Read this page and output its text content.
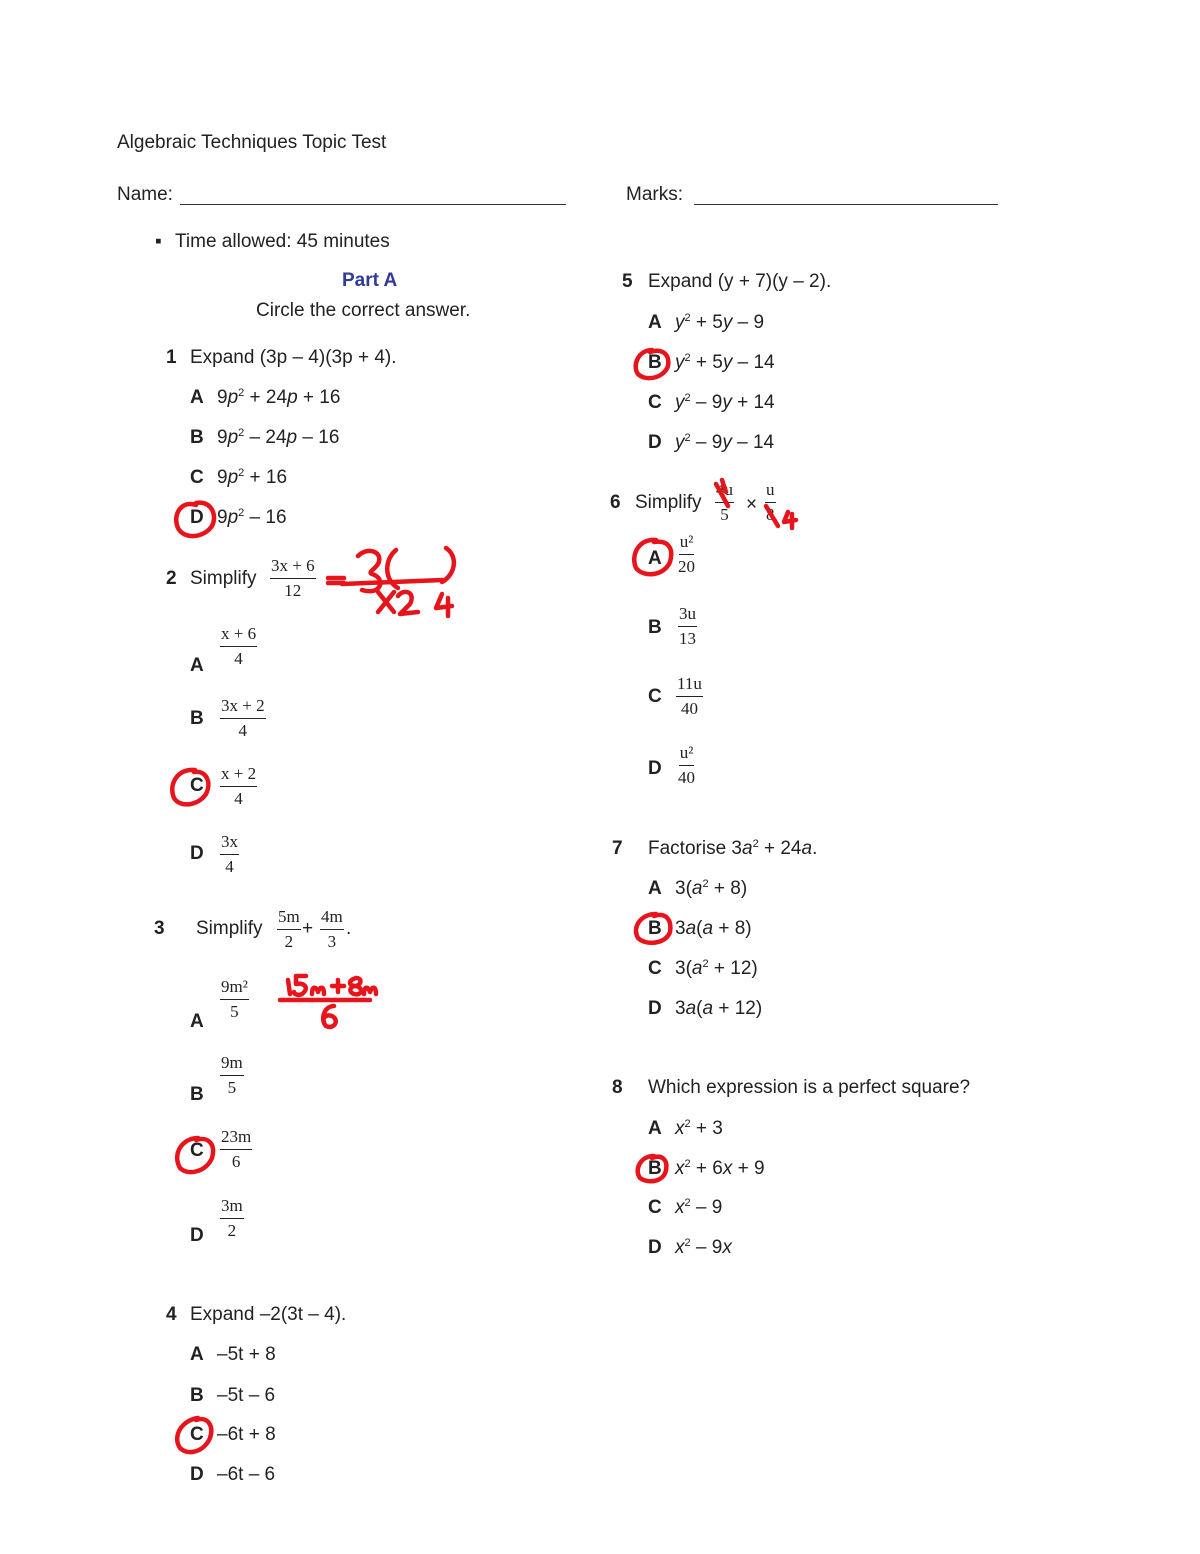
Algebraic Techniques Topic Test
Name:	Marks:
▪ Time allowed: 45 minutes
Part A
Circle the correct answer.
1 Expand (3p – 4)(3p + 4).
A $9p^2 + 24p + 16$
B $9p^2 - 24p - 16$
C $9p^2 + 16$
D $9p^2 - 16$
2 Simplify $\frac{3x + 6}{12}$
A $\frac{x + 6}{4}$
B $\frac{3x + 2}{4}$
C $\frac{x + 2}{4}$
D $\frac{3x}{4}$
3 Simplify $\frac{5m}{2} + \frac{4m}{3}$ .
A $\frac{\text{9m²}}{5}$
B $\frac{9m}{5}$
C $\frac{23m}{6}$
D $\frac{3m}{2}$
4 Expand –2(3t – 4).
A –5t + 8
B –5t – 6
C –6t + 8
D –6t – 6
5 Expand (y + 7)(y – 2).
A $y^2 + 5y - 9$
B $y^2 + 5y - 14$
C $y^2 - 9y + 14$
D $y^2 - 9y - 14$
6 Simplify $\frac{4u}{5} \times \frac{u}{8}$
A $\frac{\text{u²}}{20}$
B $\frac{3u}{13}$
C $\frac{11u}{40}$
D $\frac{\text{u²}}{40}$
7 Factorise $3a^2 + 24a$.
A $3(a^2 + 8)$
B 3a(a + 8)
C $3(a^2 + 12)$
D 3a(a + 12)
8 Which expression is a perfect square?
A $x^2 + 3$
B $x^2 + 6x + 9$
C $x^2 - 9$
D $x^2 - 9x$
